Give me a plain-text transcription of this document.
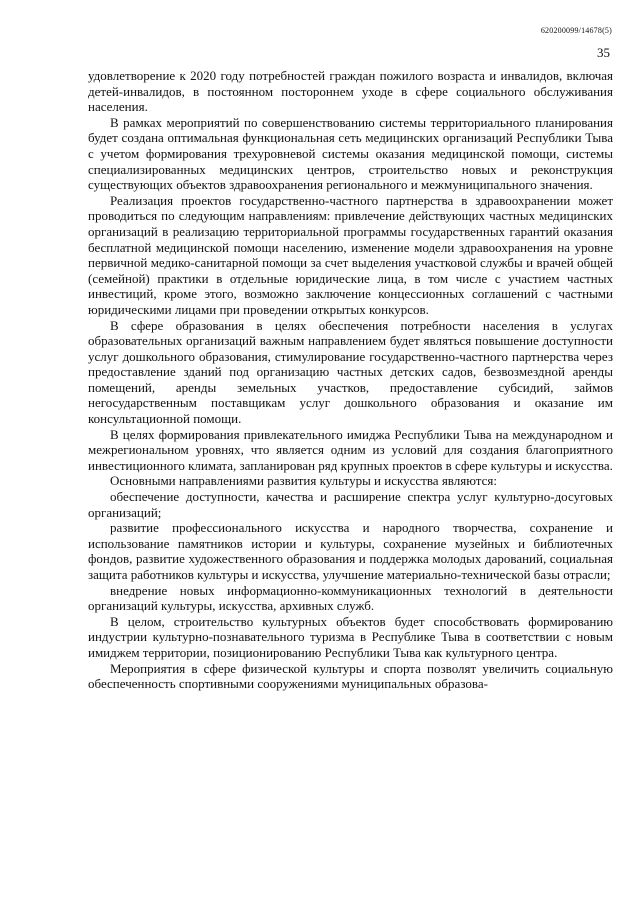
620200099/14678(5)
35

удовлетворение к 2020 году потребностей граждан пожилого возраста и инвалидов, включая детей-инвалидов, в постоянном постороннем уходе в сфере социального обслуживания населения.

В рамках мероприятий по совершенствованию системы территориального планирования будет создана оптимальная функциональная сеть медицинских организаций Республики Тыва с учетом формирования трехуровневой системы оказания медицинской помощи, системы специализированных медицинских центров, строительство новых и реконструкция существующих объектов здравоохранения регионального и межмуниципального значения.

Реализация проектов государственно-частного партнерства в здравоохранении может проводиться по следующим направлениям: привлечение действующих частных медицинских организаций в реализацию территориальной программы государственных гарантий оказания бесплатной медицинской помощи населению, изменение модели здравоохранения на уровне первичной медико-санитарной помощи за счет выделения участковой службы и врачей общей (семейной) практики в отдельные юридические лица, в том числе с участием частных инвестиций, кроме этого, возможно заключение концессионных соглашений с частными юридическими лицами при проведении открытых конкурсов.

В сфере образования в целях обеспечения потребности населения в услугах образовательных организаций важным направлением будет являться повышение доступности услуг дошкольного образования, стимулирование государственно-частного партнерства через предоставление зданий под организацию частных детских садов, безвозмездной аренды помещений, аренды земельных участков, предоставление субсидий, займов негосударственным поставщикам услуг дошкольного образования и оказание им консультационной помощи.

В целях формирования привлекательного имиджа Республики Тыва на международном и межрегиональном уровнях, что является одним из условий для создания благоприятного инвестиционного климата, запланирован ряд крупных проектов в сфере культуры и искусства.

Основными направлениями развития культуры и искусства являются:

обеспечение доступности, качества и расширение спектра услуг культурно-досуговых организаций;

развитие профессионального искусства и народного творчества, сохранение и использование памятников истории и культуры, сохранение музейных и библиотечных фондов, развитие художественного образования и поддержка молодых дарований, социальная защита работников культуры и искусства, улучшение материально-технической базы отрасли;

внедрение новых информационно-коммуникационных технологий в деятельности организаций культуры, искусства, архивных служб.

В целом, строительство культурных объектов будет способствовать формированию индустрии культурно-познавательного туризма в Республике Тыва в соответствии с новым имиджем территории, позиционированию Республики Тыва как культурного центра.

Мероприятия в сфере физической культуры и спорта позволят увеличить социальную обеспеченность спортивными сооружениями муниципальных образова-
